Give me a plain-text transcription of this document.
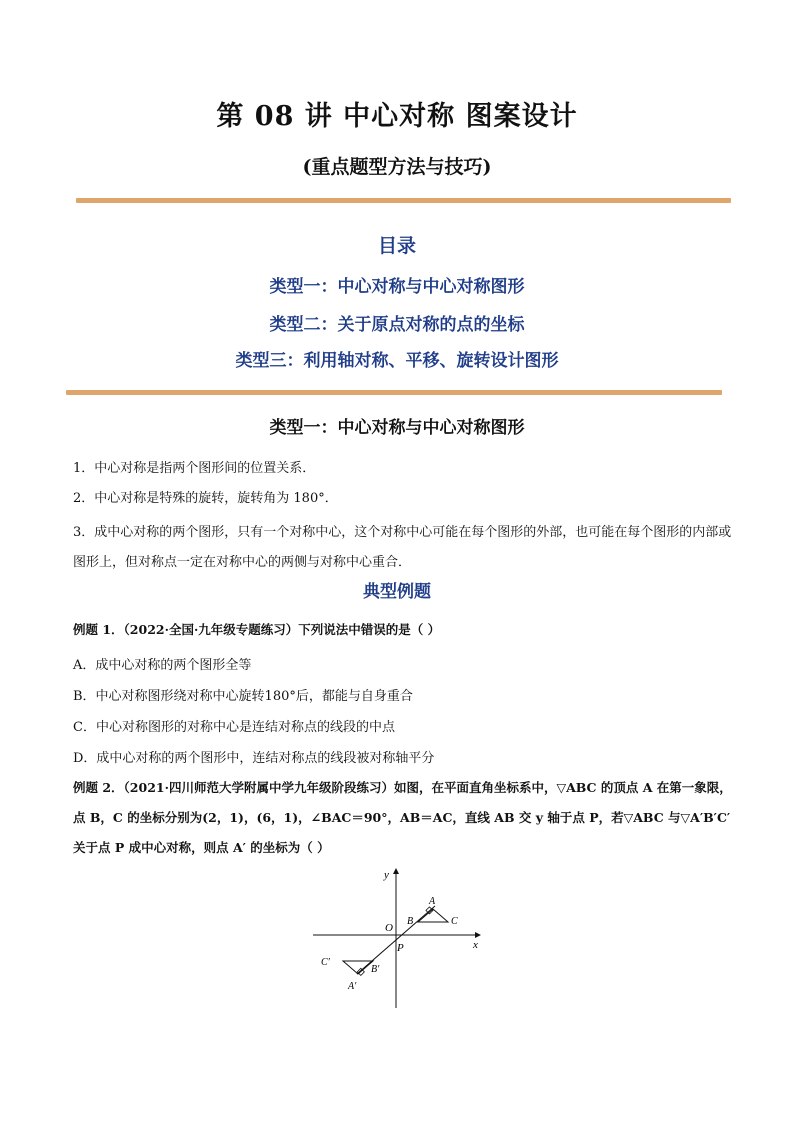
第 08 讲 中心对称 图案设计
(重点题型方法与技巧)
目录
类型一：中心对称与中心对称图形
类型二：关于原点对称的点的坐标
类型三：利用轴对称、平移、旋转设计图形
类型一：中心对称与中心对称图形
1．中心对称是指两个图形间的位置关系．
2．中心对称是特殊的旋转，旋转角为 180°．
3．成中心对称的两个图形，只有一个对称中心，这个对称中心可能在每个图形的外部，也可能在每个图形的内部或图形上，但对称点一定在对称中心的两侧与对称中心重合．
典型例题
例题 1．（2022·全国·九年级专题练习）下列说法中错误的是（ ）
A．成中心对称的两个图形全等
B．中心对称图形绕对称中心旋转180°后，都能与自身重合
C．中心对称图形的对称中心是连结对称点的线段的中点
D．成中心对称的两个图形中，连结对称点的线段被对称轴平分
例题 2．（2021·四川师范大学附属中学九年级阶段练习）如图，在平面直角坐标系中，▽ABC 的顶点 A 在第一象限，点 B，C 的坐标分别为(2，1)，(6，1)，∠BAC＝90°，AB＝AC，直线 AB 交 y 轴于点 P，若▽ABC 与▽A′B′C′ 关于点 P 成中心对称，则点 A′ 的坐标为（ ）
y
x
O
P
A
B	C
A′
B′
C′
